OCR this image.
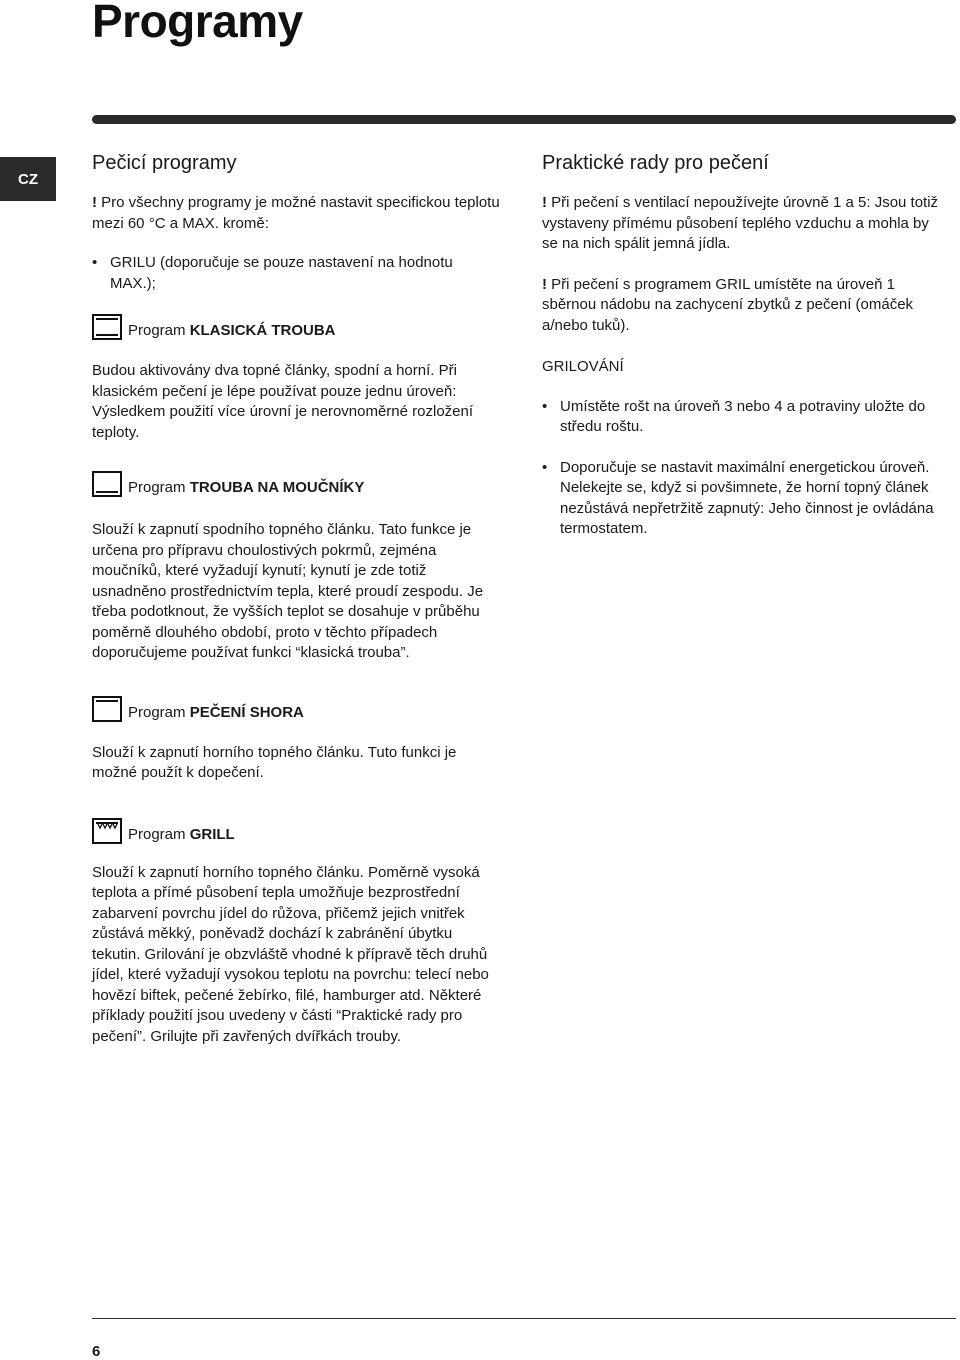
Programy
CZ
Pečicí programy

! Pro všechny programy je možné nastavit specifickou teplotu mezi 60 °C a MAX. kromě:

• GRILU (doporučuje se pouze nastavení na hodnotu MAX.);
Program KLASICKÁ TROUBA

Budou aktivovány dva topné články, spodní a horní. Při klasickém pečení je lépe používat pouze jednu úroveň: Výsledkem použití více úrovní je nerovnoměrné rozložení teploty.

Program TROUBA NA MOUČNÍKY

Slouží k zapnutí spodního topného článku. Tato funkce je určena pro přípravu choulostivých pokrmů, zejména moučníků, které vyžadují kynutí; kynutí je zde totiž usnadněno prostřednictvím tepla, které proudí zespodu. Je třeba podotknout, že vyšších teplot se dosahuje v průběhu poměrně dlouhého období, proto v těchto případech doporučujeme používat funkci “klasická trouba”.

Program PEČENÍ SHORA

Slouží k zapnutí horního topného článku. Tuto funkci je možné použít k dopečení.

Program GRILL

Slouží k zapnutí horního topného článku. Poměrně vysoká teplota a přímé působení tepla umožňuje bezprostřední zabarvení povrchu jídel do růžova, přičemž jejich vnitřek zůstává měkký, poněvadž dochází k zabránění úbytku tekutin. Grilování je obzvláště vhodné k přípravě těch druhů jídel, které vyžadují vysokou teplotu na povrchu: telecí nebo hovězí biftek, pečené žebírko, filé, hamburger atd. Některé příklady použití jsou uvedeny v části “Praktické rady pro pečení”. Grilujte při zavřených dvířkách trouby.

Praktické rady pro pečení

! Při pečení s ventilací nepoužívejte úrovně 1 a 5: Jsou totiž vystaveny přímému působení teplého vzduchu a mohla by se na nich spálit jemná jídla.

! Při pečení s programem GRIL umístěte na úroveň 1 sběrnou nádobu na zachycení zbytků z pečení (omáček a/nebo tuků).

GRILOVÁNÍ

• Umístěte rošt na úroveň 3 nebo 4 a potraviny uložte do středu roštu.
• Doporučuje se nastavit maximální energetickou úroveň. Nelekejte se, když si povšimnete, že horní topný článek nezůstává nepřetržitě zapnutý: Jeho činnost je ovládána termostatem.
6
